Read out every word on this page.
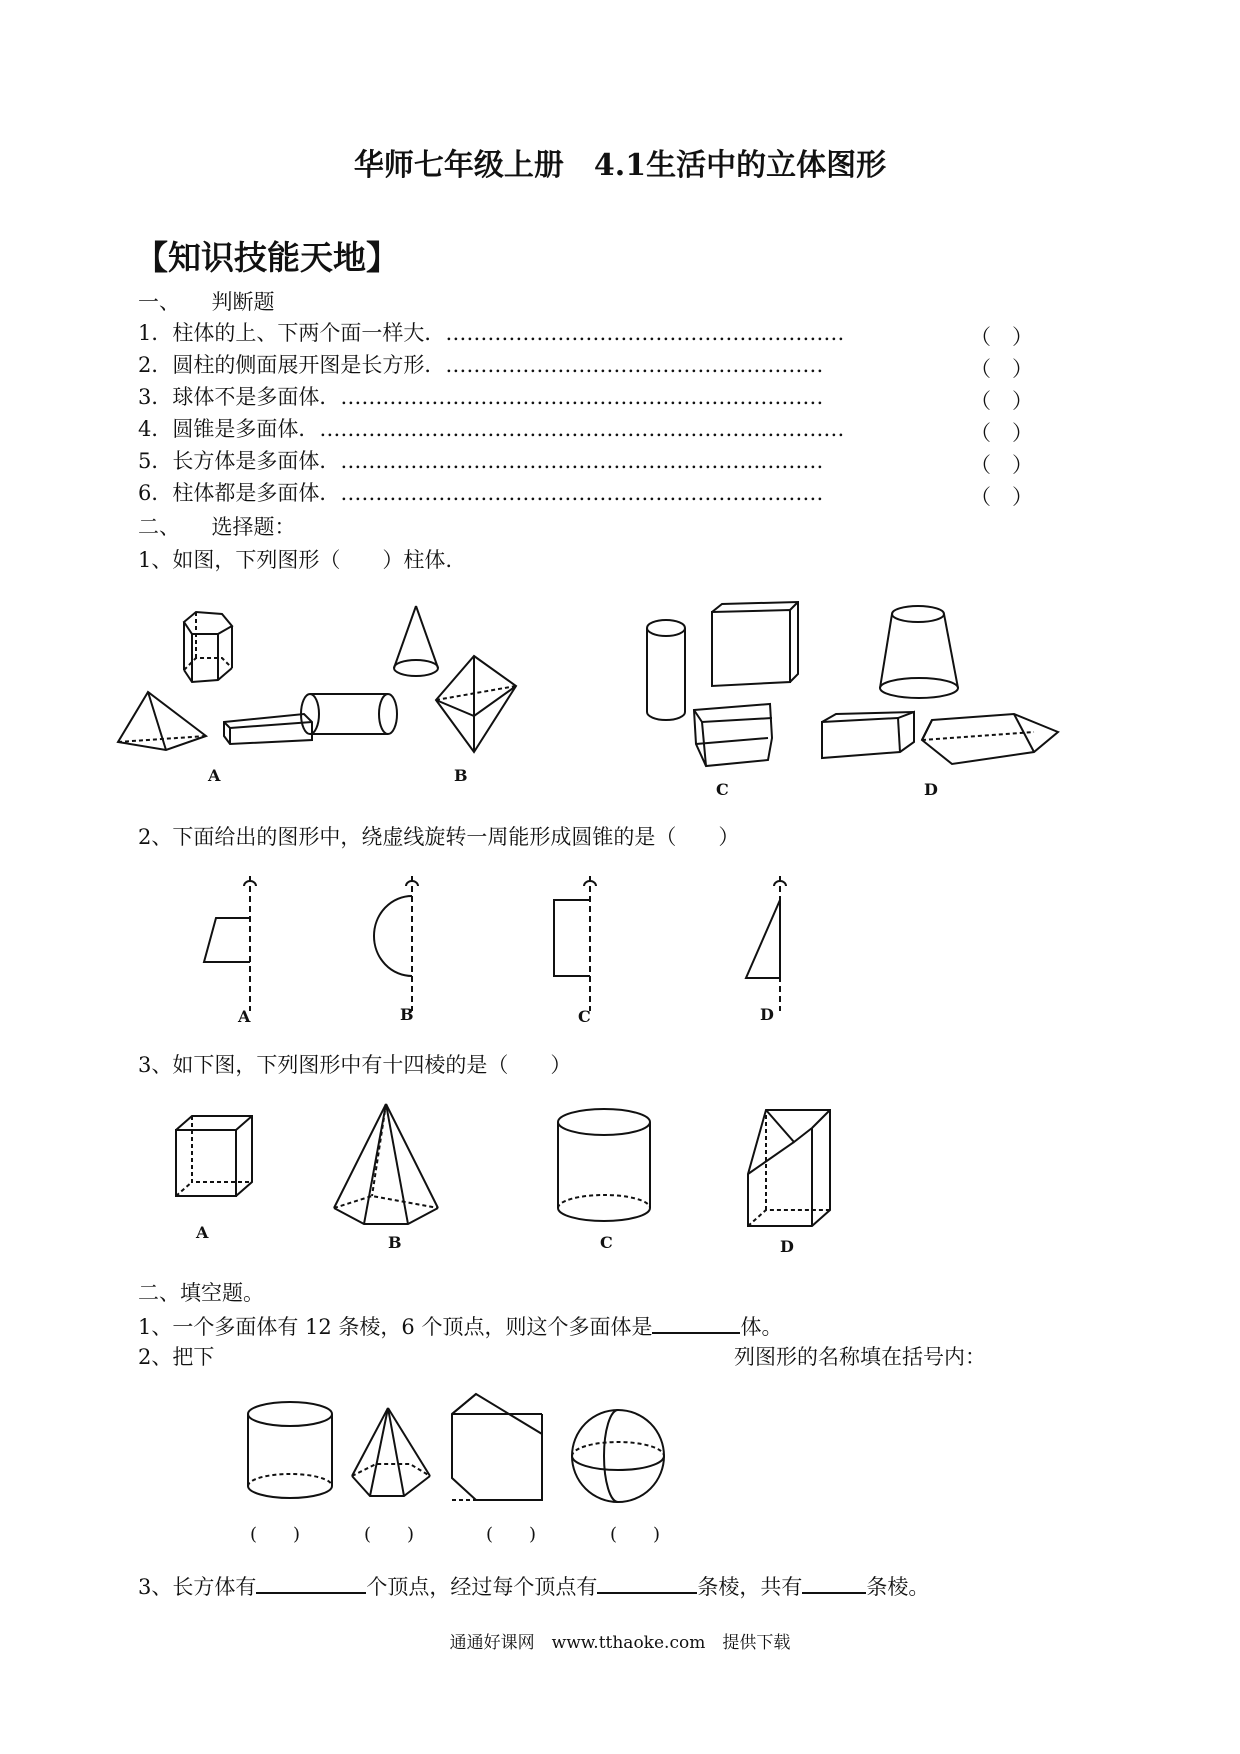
华师七年级上册　4.1生活中的立体图形
【知识技能天地】
一、　　判断题
1．柱体的上、下两个面一样大．…………………………………………………	（　）
2．圆柱的侧面展开图是长方形．………………………………………………	（　）
3．球体不是多面体．……………………………………………………………	（　）
4．圆锥是多面体．…………………………………………………………………	（　）
5．长方体是多面体．……………………………………………………………	（　）
6．柱体都是多面体．……………………………………………………………	（　）
二、　　选择题：
1、如图，下列图形（　　）柱体.
A	B
C	D
2、下面给出的图形中，绕虚线旋转一周能形成圆锥的是（　　）
A	B	C	D
3、如下图，下列图形中有十四棱的是（　　）
A
B	C	D
二、填空题。
1、一个多面体有 12 条棱，6 个顶点，则这个多面体是	体。
2、把下	列图形的名称填在括号内：
(　　)	(　　)	(　　)	(　　)
3、长方体有	个顶点，经过每个顶点有	条棱，共有	条棱。
通通好课网　www.tthaoke.com　提供下载
